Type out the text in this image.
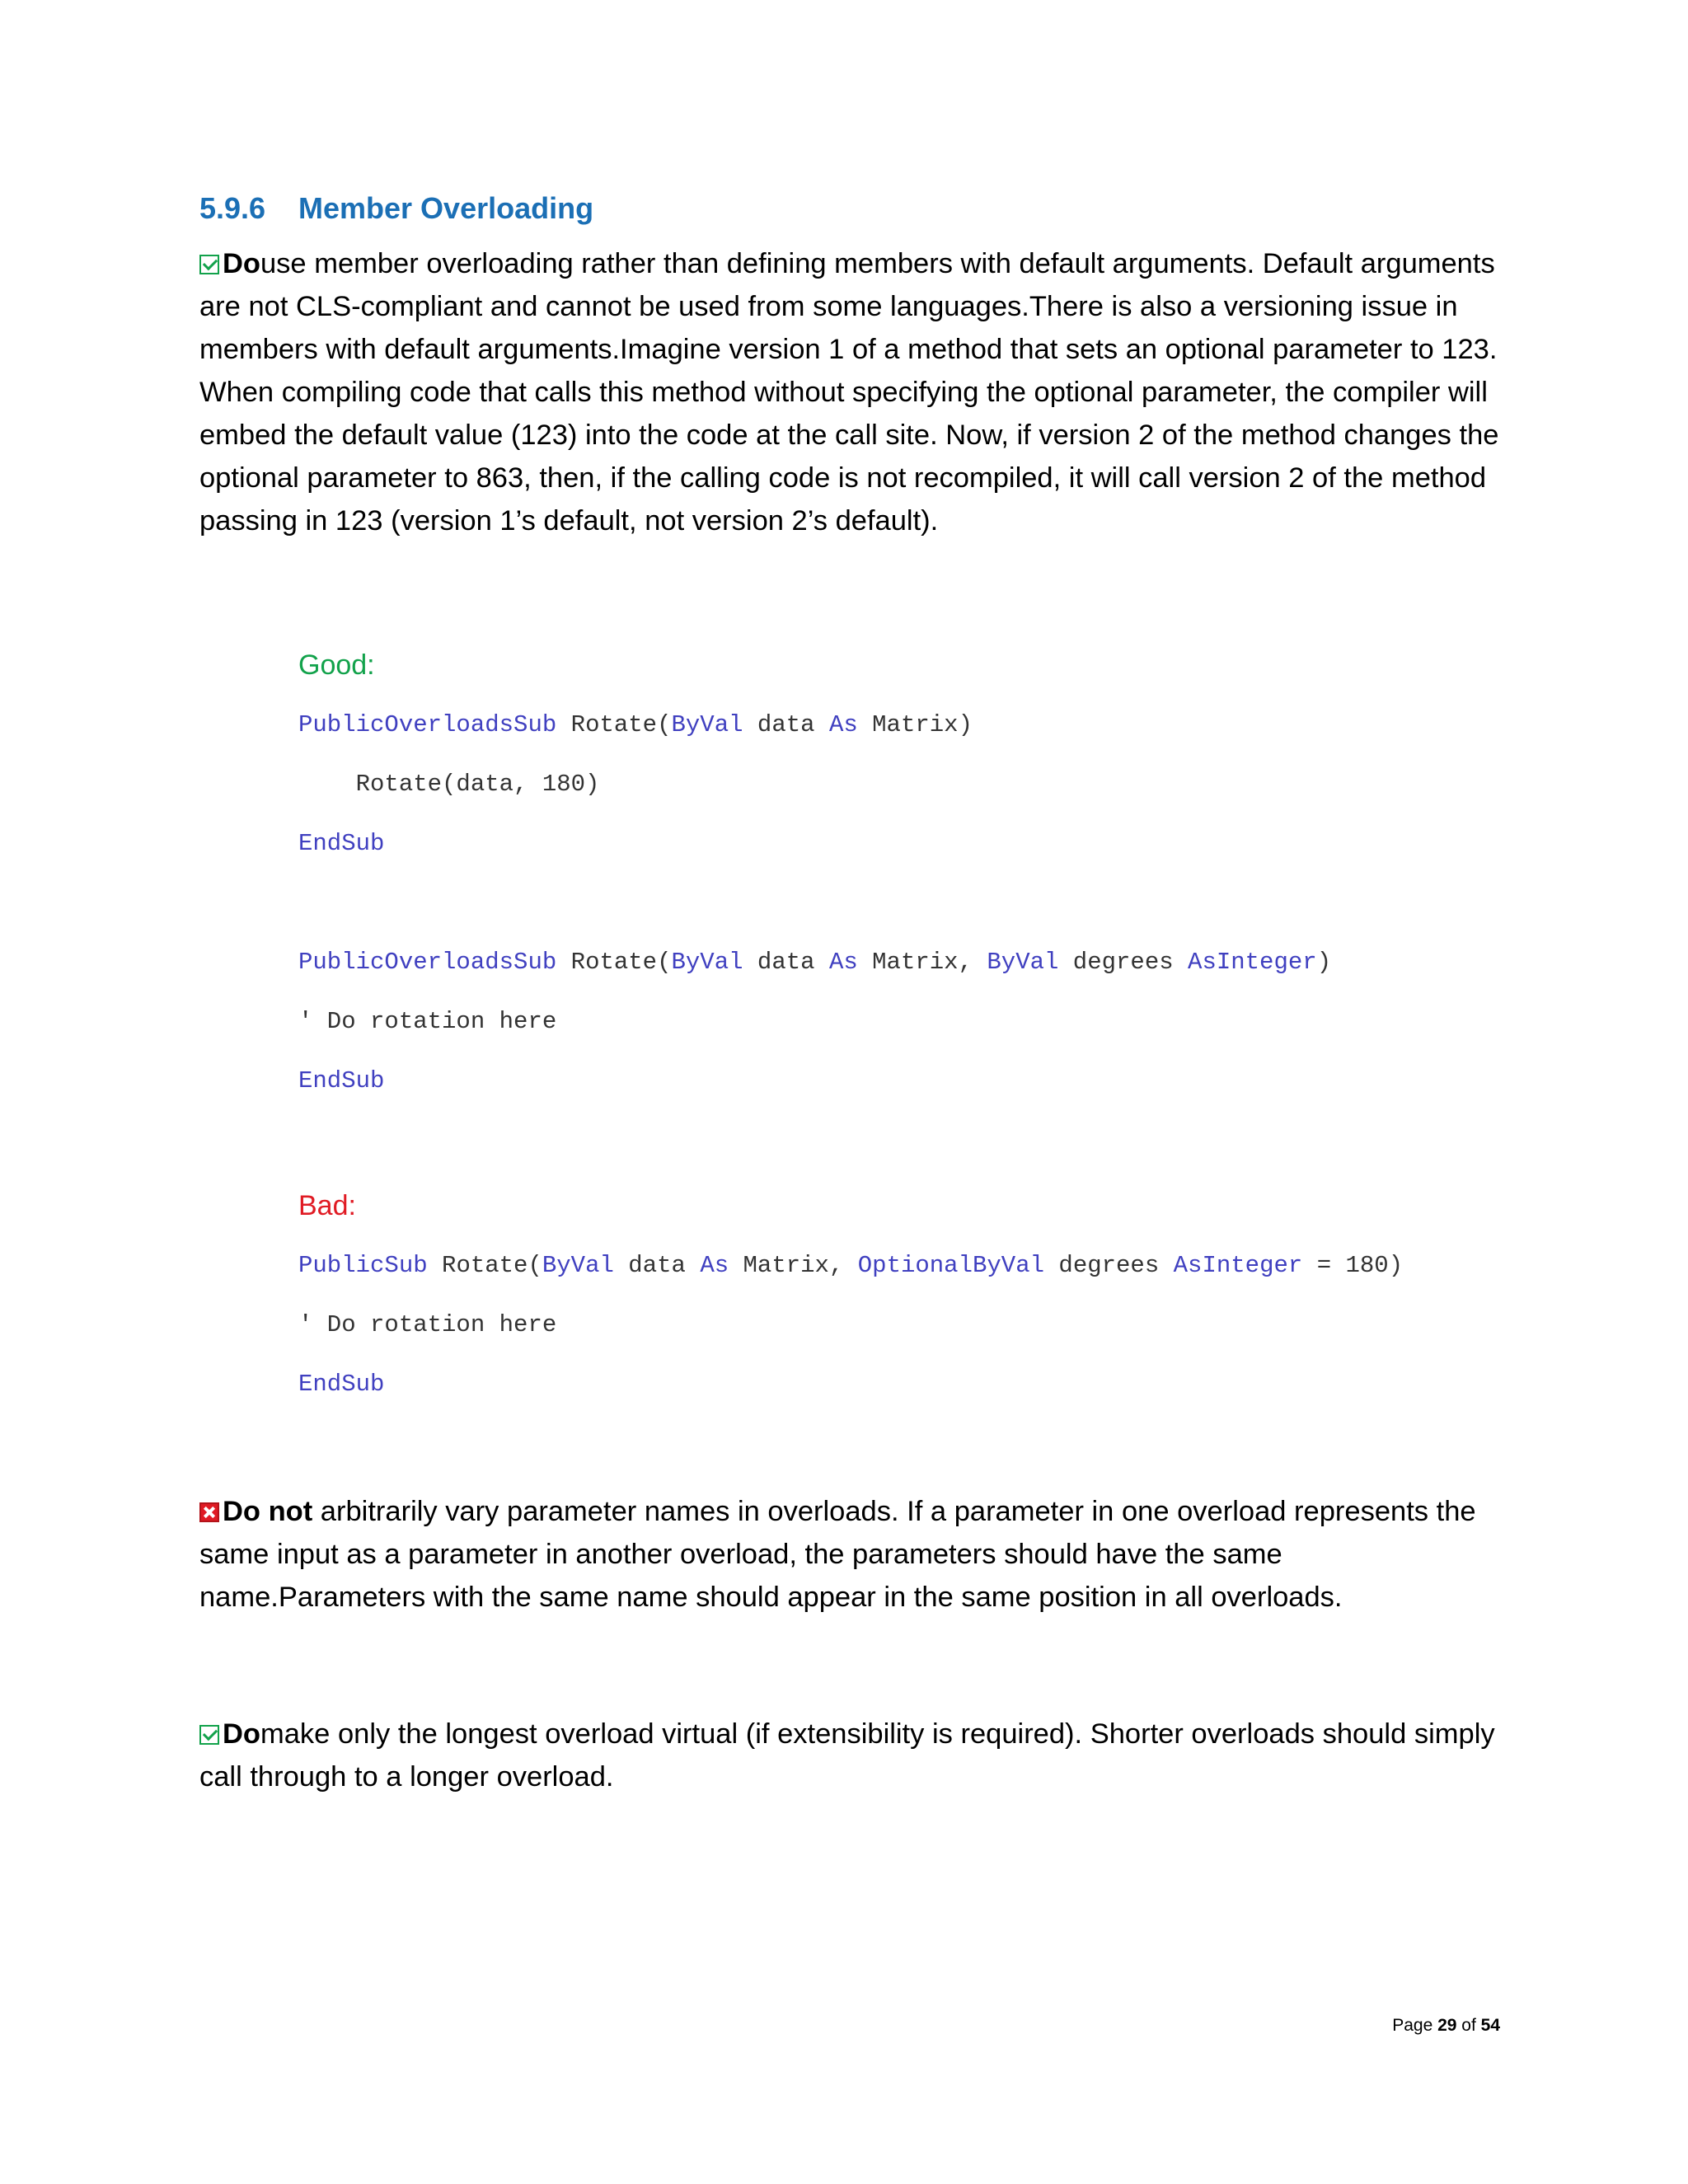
5.9.6 Member Overloading

Douse member overloading rather than defining members with default arguments. Default arguments are not CLS-compliant and cannot be used from some languages.There is also a versioning issue in members with default arguments.Imagine version 1 of a method that sets an optional parameter to 123. When compiling code that calls this method without specifying the optional parameter, the compiler will embed the default value (123) into the code at the call site. Now, if version 2 of the method changes the optional parameter to 863, then, if the calling code is not recompiled, it will call version 2 of the method passing in 123 (version 1’s default, not version 2’s default).

Good:

PublicOverloadsSub Rotate(ByVal data As Matrix)

Rotate(data, 180)

EndSub

PublicOverloadsSub Rotate(ByVal data As Matrix, ByVal degrees AsInteger)

' Do rotation here

EndSub

Bad:

PublicSub Rotate(ByVal data As Matrix, OptionalByVal degrees AsInteger = 180)

' Do rotation here

EndSub

Do not arbitrarily vary parameter names in overloads. If a parameter in one overload represents the same input as a parameter in another overload, the parameters should have the same name.Parameters with the same name should appear in the same position in all overloads.

Domake only the longest overload virtual (if extensibility is required). Shorter overloads should simply call through to a longer overload.

Page 29 of 54
